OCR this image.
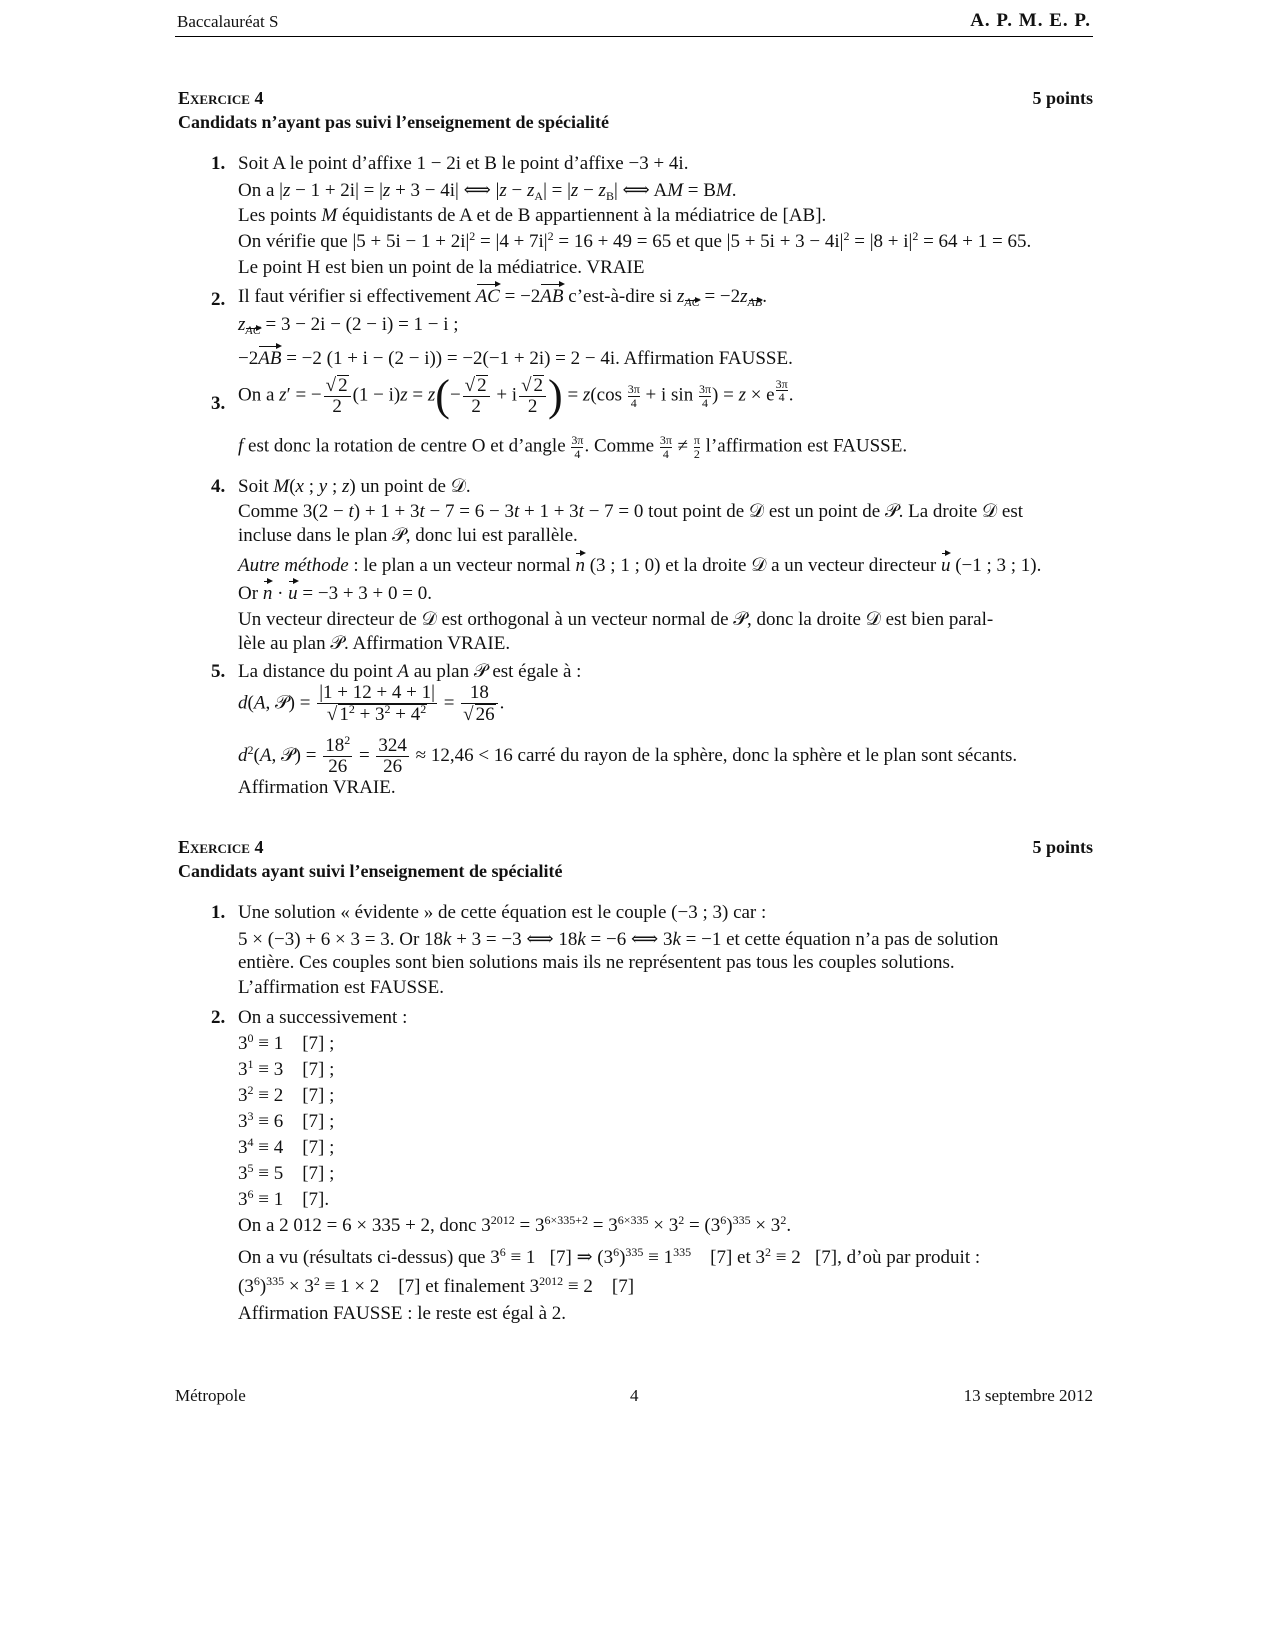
Baccalauréat S	A. P. M. E. P.
Exercice 4	5 points
Candidats n’ayant pas suivi l’enseignement de spécialité
1. Soit A le point d’affixe 1 − 2i et B le point d’affixe −3 + 4i.
On a |z − 1 + 2i| = |z + 3 − 4i| ⟺ $|z - z_A| = |z - z_B|$ ⟺ AM = BM.
Les points M équidistants de A et de B appartiennent à la médiatrice de [AB].
On vérifie que $|5 + 5i - 1 + 2i|^2 = |4 + 7i|^2 = 16 + 49 = 65$ et que $|5 + 5i + 3 - 4i|^2 = |8 + i|^2 = 64 + 1 = 65$.
Le point H est bien un point de la médiatrice. VRAIE
2. Il faut vérifier si effectivement AC = −2AB c’est-à-dire si $z_{AC} = -2z_{AB}$.
$z_{AC} = 3 - 2i - (2 - i) = 1 - i$ ;
−2AB = −2 (1 + i − (2 − i)) = −2(−1 + 2i) = 2 − 4i. Affirmation FAUSSE.
3. On a z′ = − $\frac{√ 2}{2} (1 - i)z = z(- \frac{√ 2}{2} + i \frac{√ 2}{2}$ ) = $z(\cos \frac{3\pi}{4} + i$ $\sin \frac{3\pi}{4}$ ) = z × e $^{\frac{3\pi}{4}}$ .
f est donc la rotation de centre O et d’angle $\frac{3\pi}{4}$ . Comme $\frac{3\pi}{4} \ne \frac{\pi}{2}$ l’affirmation est FAUSSE.
4. Soit M(x ; y ; z) un point de 𝒟.
Comme 3(2 − t) + 1 + 3t − 7 = 6 − 3t + 1 + 3t − 7 = 0 tout point de 𝒟 est un point de 𝒫. La droite 𝒟 est
incluse dans le plan 𝒫, donc lui est parallèle.
Autre méthode : le plan a un vecteur normal n (3 ; 1 ; 0) et la droite 𝒟 a un vecteur directeur u (−1 ; 3 ; 1).
Or n · u = −3 + 3 + 0 = 0.
Un vecteur directeur de 𝒟 est orthogonal à un vecteur normal de 𝒫, donc la droite 𝒟 est bien paral-
lèle au plan 𝒫. Affirmation VRAIE.
5. La distance du point A au plan 𝒫 est égale à :
d(A, 𝒫) = $\frac{|1 + 12 + 4 + 1|}{√ 1^2 + 3^2 + 4^2} = \frac{18}{√ 26}$ .
$d^2(A$, 𝒫) = $\frac{18^2}{26} = \frac{324}{26} \approx 12,46 < 16$ carré du rayon de la sphère, donc la sphère et le plan sont sécants.
Affirmation VRAIE.
Exercice 4	5 points
Candidats ayant suivi l’enseignement de spécialité
1. Une solution « évidente » de cette équation est le couple (−3 ; 3) car :
5 × (−3) + 6 × 3 = 3. Or 18k + 3 = −3 ⟺ 18k = −6 ⟺ 3k = −1 et cette équation n’a pas de solution
entière. Ces couples sont bien solutions mais ils ne représentent pas tous les couples solutions.
L’affirmation est FAUSSE.
2. On a successivement :
$3^0 \equiv 1$    [7] ;
$3^1 \equiv 3$    [7] ;
$3^2 \equiv 2$    [7] ;
$3^3 \equiv 6$    [7] ;
$3^4 \equiv 4$    [7] ;
$3^5 \equiv 5$    [7] ;
$3^6 \equiv 1$    [7].
On a 2 012 = 6 × 335 + 2, donc $3^{2012} = 3^{6\times 335+2} = 3^{6\times 335} \times 3^2 = (3^6)^{335} \times 3^2$.
On a vu (résultats ci-dessus) que $3^6 \equiv 1$   [7] ⇒ $(3^6)^{335} \equiv 1^{335}$    [7] et $3^2 \equiv 2$   [7], d’où par produit :
$(3^6)^{335} \times 3^2 \equiv 1 \times 2$    [7] et finalement $3^{2012} \equiv 2$    [7]
Affirmation FAUSSE : le reste est égal à 2.
Métropole	4	13 septembre 2012
